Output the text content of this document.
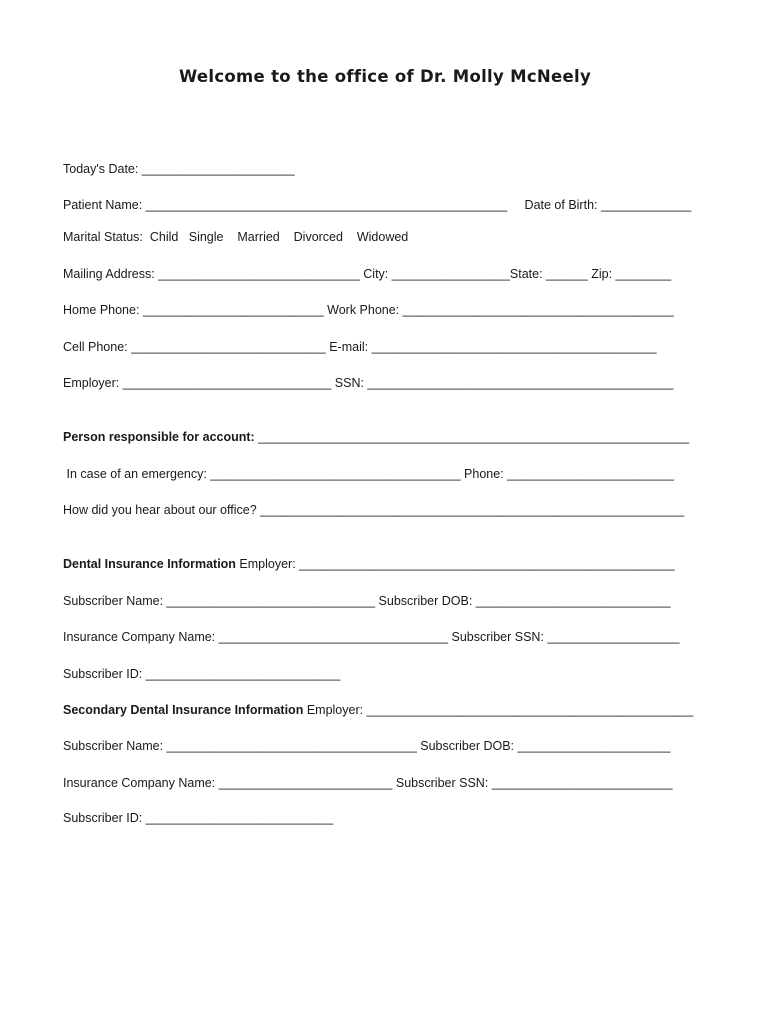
Welcome to the office of Dr. Molly McNeely
Today's Date: ______________________
Patient Name: ____________________________________________________     Date of Birth: _____________
Marital Status:  Child   Single    Married    Divorced    Widowed
Mailing Address: _____________________________ City: _________________State: ______ Zip: ________
Home Phone: __________________________ Work Phone: _______________________________________
Cell Phone: ____________________________ E-mail: _________________________________________
Employer: ______________________________ SSN: ____________________________________________
Person responsible for account: ______________________________________________________________
In case of an emergency: ____________________________________ Phone: ________________________
How did you hear about our office? _____________________________________________________________
Dental Insurance Information Employer: ______________________________________________________
Subscriber Name: ______________________________ Subscriber DOB: ____________________________
Insurance Company Name: _________________________________ Subscriber SSN: ___________________
Subscriber ID: ____________________________
Secondary Dental Insurance Information Employer: _______________________________________________
Subscriber Name: ____________________________________ Subscriber DOB: ______________________
Insurance Company Name: _________________________ Subscriber SSN: __________________________
Subscriber ID: ___________________________
